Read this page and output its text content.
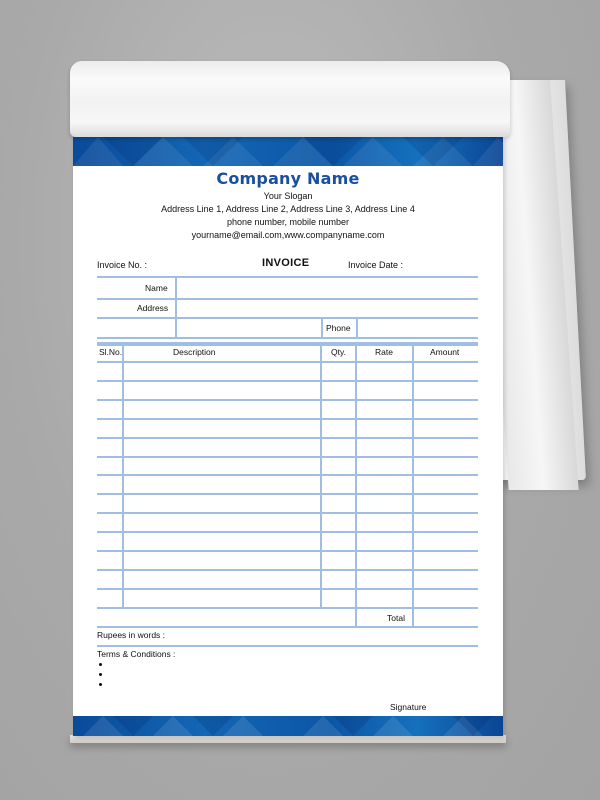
Company Name
Your Slogan
Address Line 1, Address Line 2, Address Line 3, Address Line 4
phone number, mobile number
yourname@email.com,www.companyname.com
Invoice No. :	INVOICE	Invoice Date :
Name
Address
Phone
Sl.No.	Description	Qty.	Rate	Amount
Total
Rupees in words :
Terms & Conditions :
Signature
